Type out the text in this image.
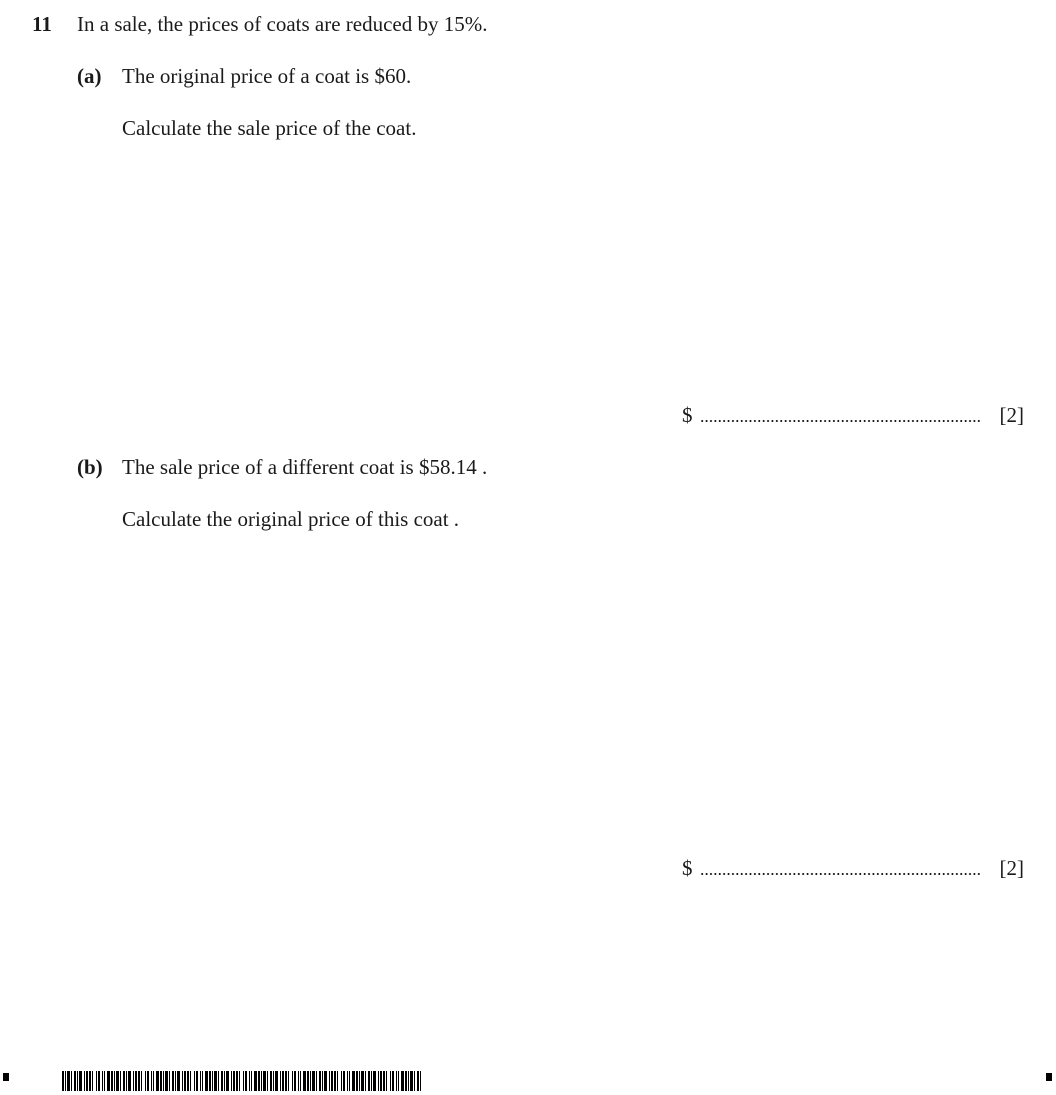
11 In a sale, the prices of coats are reduced by 15%.
(a) The original price of a coat is $60.
Calculate the sale price of the coat.
$	[2]
(b) The sale price of a different coat is $58.14 .
Calculate the original price of this coat .
$	[2]
